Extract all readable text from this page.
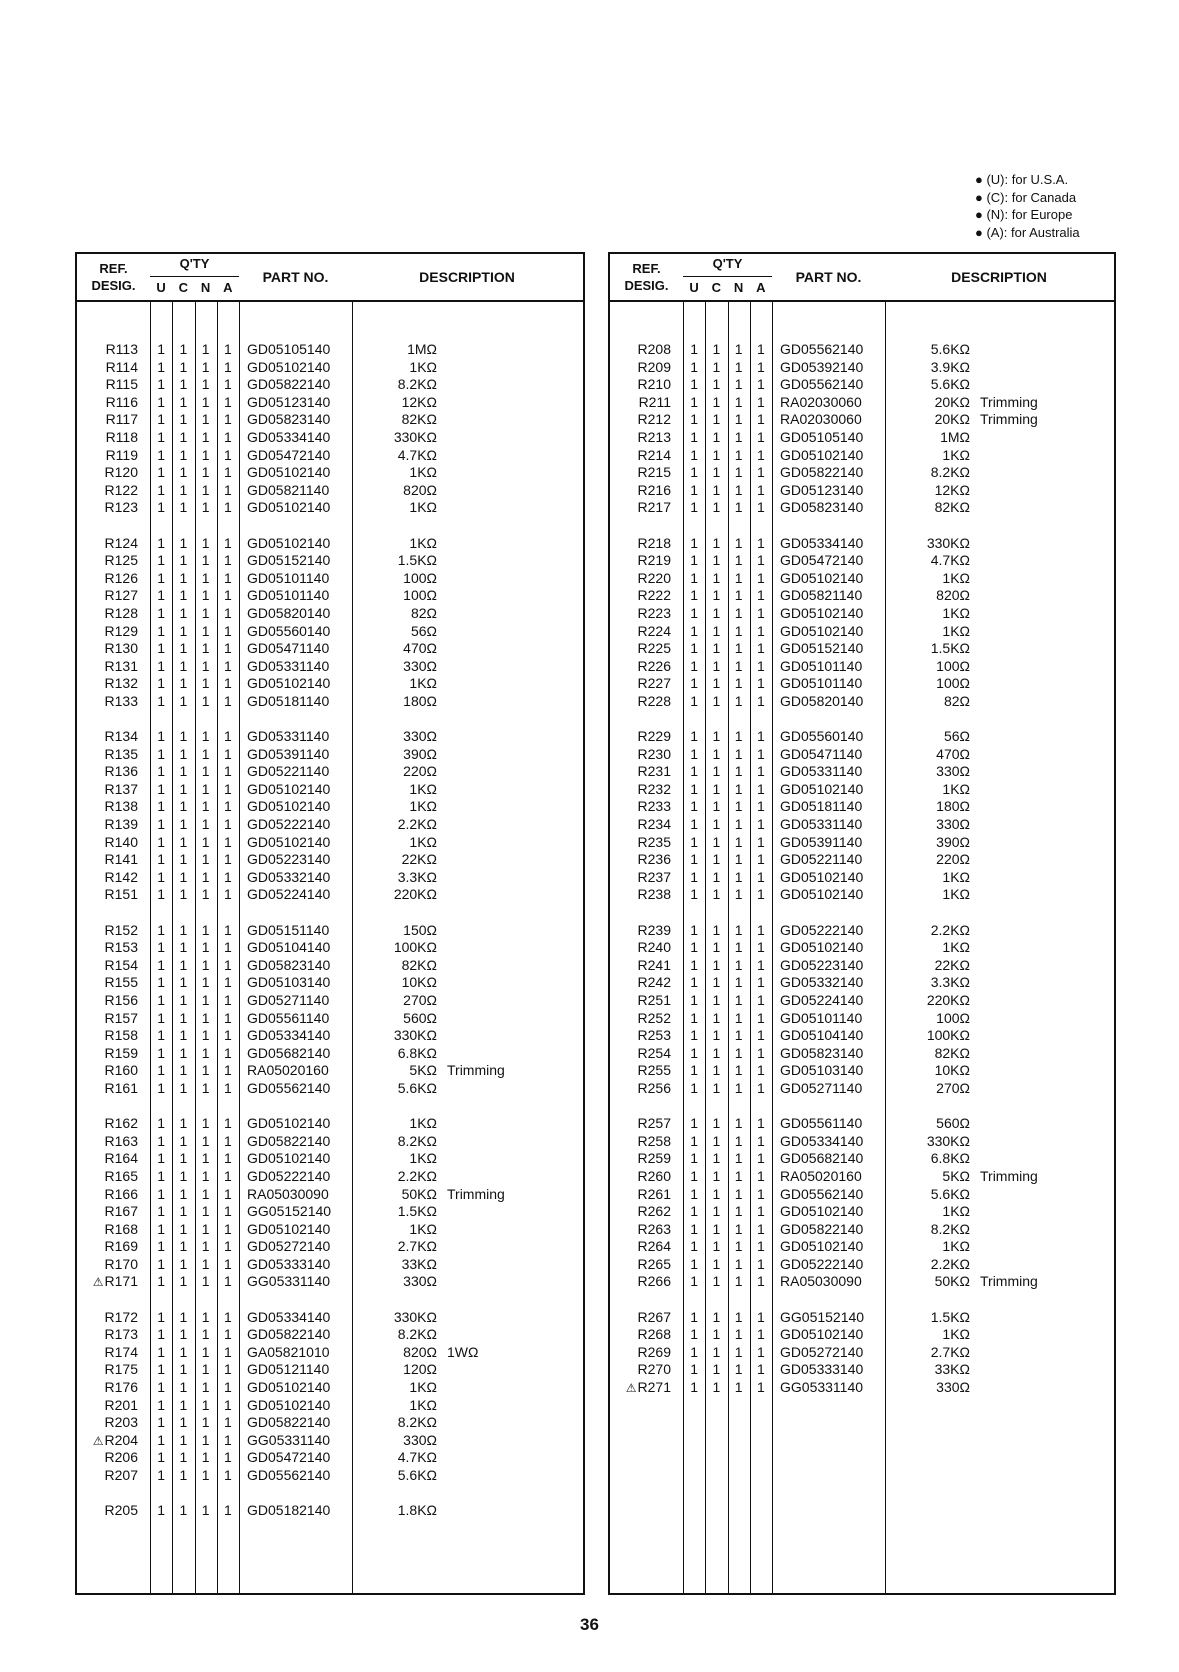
● (U): for U.S.A.
● (C): for Canada
● (N): for Europe
● (A): for Australia
REF.
DESIG.
Q'TY
U C N A
PART NO.	DESCRIPTION
R113	1	1	1	1	GD05105140	1MΩ
R114	1	1	1	1	GD05102140	1KΩ
R115	1	1	1	1	GD05822140	8.2KΩ
R116	1	1	1	1	GD05123140	12KΩ
R117	1	1	1	1	GD05823140	82KΩ
R118	1	1	1	1	GD05334140	330KΩ
R119	1	1	1	1	GD05472140	4.7KΩ
R120	1	1	1	1	GD05102140	1KΩ
R122	1	1	1	1	GD05821140	820Ω
R123	1	1	1	1	GD05102140	1KΩ
R124	1	1	1	1	GD05102140	1KΩ
R125	1	1	1	1	GD05152140	1.5KΩ
R126	1	1	1	1	GD05101140	100Ω
R127	1	1	1	1	GD05101140	100Ω
R128	1	1	1	1	GD05820140	82Ω
R129	1	1	1	1	GD05560140	56Ω
R130	1	1	1	1	GD05471140	470Ω
R131	1	1	1	1	GD05331140	330Ω
R132	1	1	1	1	GD05102140	1KΩ
R133	1	1	1	1	GD05181140	180Ω
R134	1	1	1	1	GD05331140	330Ω
R135	1	1	1	1	GD05391140	390Ω
R136	1	1	1	1	GD05221140	220Ω
R137	1	1	1	1	GD05102140	1KΩ
R138	1	1	1	1	GD05102140	1KΩ
R139	1	1	1	1	GD05222140	2.2KΩ
R140	1	1	1	1	GD05102140	1KΩ
R141	1	1	1	1	GD05223140	22KΩ
R142	1	1	1	1	GD05332140	3.3KΩ
R151	1	1	1	1	GD05224140	220KΩ
R152	1	1	1	1	GD05151140	150Ω
R153	1	1	1	1	GD05104140	100KΩ
R154	1	1	1	1	GD05823140	82KΩ
R155	1	1	1	1	GD05103140	10KΩ
R156	1	1	1	1	GD05271140	270Ω
R157	1	1	1	1	GD05561140	560Ω
R158	1	1	1	1	GD05334140	330KΩ
R159	1	1	1	1	GD05682140	6.8KΩ
R160	1	1	1	1	RA05020160	5KΩ Trimming
R161	1	1	1	1	GD05562140	5.6KΩ
R162	1	1	1	1	GD05102140	1KΩ
R163	1	1	1	1	GD05822140	8.2KΩ
R164	1	1	1	1	GD05102140	1KΩ
R165	1	1	1	1	GD05222140	2.2KΩ
R166	1	1	1	1	RA05030090	50KΩ Trimming
R167	1	1	1	1	GG05152140	1.5KΩ
R168	1	1	1	1	GD05102140	1KΩ
R169	1	1	1	1	GD05272140	2.7KΩ
R170	1	1	1	1	GD05333140	33KΩ
⚠R171	1	1	1	1	GG05331140	330Ω
R172	1	1	1	1	GD05334140	330KΩ
R173	1	1	1	1	GD05822140	8.2KΩ
R174	1	1	1	1	GA05821010	820Ω 1WΩ
R175	1	1	1	1	GD05121140	120Ω
R176	1	1	1	1	GD05102140	1KΩ
R201	1	1	1	1	GD05102140	1KΩ
R203	1	1	1	1	GD05822140	8.2KΩ
⚠R204	1	1	1	1	GG05331140	330Ω
R206	1	1	1	1	GD05472140	4.7KΩ
R207	1	1	1	1	GD05562140	5.6KΩ
R205	1	1	1	1	GD05182140	1.8KΩ
REF.
DESIG.
Q'TY
U C N A
PART NO.	DESCRIPTION
R208	1	1	1	1	GD05562140	5.6KΩ
R209	1	1	1	1	GD05392140	3.9KΩ
R210	1	1	1	1	GD05562140	5.6KΩ
R211	1	1	1	1	RA02030060	20KΩ Trimming
R212	1	1	1	1	RA02030060	20KΩ Trimming
R213	1	1	1	1	GD05105140	1MΩ
R214	1	1	1	1	GD05102140	1KΩ
R215	1	1	1	1	GD05822140	8.2KΩ
R216	1	1	1	1	GD05123140	12KΩ
R217	1	1	1	1	GD05823140	82KΩ
R218	1	1	1	1	GD05334140	330KΩ
R219	1	1	1	1	GD05472140	4.7KΩ
R220	1	1	1	1	GD05102140	1KΩ
R222	1	1	1	1	GD05821140	820Ω
R223	1	1	1	1	GD05102140	1KΩ
R224	1	1	1	1	GD05102140	1KΩ
R225	1	1	1	1	GD05152140	1.5KΩ
R226	1	1	1	1	GD05101140	100Ω
R227	1	1	1	1	GD05101140	100Ω
R228	1	1	1	1	GD05820140	82Ω
R229	1	1	1	1	GD05560140	56Ω
R230	1	1	1	1	GD05471140	470Ω
R231	1	1	1	1	GD05331140	330Ω
R232	1	1	1	1	GD05102140	1KΩ
R233	1	1	1	1	GD05181140	180Ω
R234	1	1	1	1	GD05331140	330Ω
R235	1	1	1	1	GD05391140	390Ω
R236	1	1	1	1	GD05221140	220Ω
R237	1	1	1	1	GD05102140	1KΩ
R238	1	1	1	1	GD05102140	1KΩ
R239	1	1	1	1	GD05222140	2.2KΩ
R240	1	1	1	1	GD05102140	1KΩ
R241	1	1	1	1	GD05223140	22KΩ
R242	1	1	1	1	GD05332140	3.3KΩ
R251	1	1	1	1	GD05224140	220KΩ
R252	1	1	1	1	GD05101140	100Ω
R253	1	1	1	1	GD05104140	100KΩ
R254	1	1	1	1	GD05823140	82KΩ
R255	1	1	1	1	GD05103140	10KΩ
R256	1	1	1	1	GD05271140	270Ω
R257	1	1	1	1	GD05561140	560Ω
R258	1	1	1	1	GD05334140	330KΩ
R259	1	1	1	1	GD05682140	6.8KΩ
R260	1	1	1	1	RA05020160	5KΩ Trimming
R261	1	1	1	1	GD05562140	5.6KΩ
R262	1	1	1	1	GD05102140	1KΩ
R263	1	1	1	1	GD05822140	8.2KΩ
R264	1	1	1	1	GD05102140	1KΩ
R265	1	1	1	1	GD05222140	2.2KΩ
R266	1	1	1	1	RA05030090	50KΩ Trimming
R267	1	1	1	1	GG05152140	1.5KΩ
R268	1	1	1	1	GD05102140	1KΩ
R269	1	1	1	1	GD05272140	2.7KΩ
R270	1	1	1	1	GD05333140	33KΩ
⚠R271	1	1	1	1	GG05331140	330Ω
36
